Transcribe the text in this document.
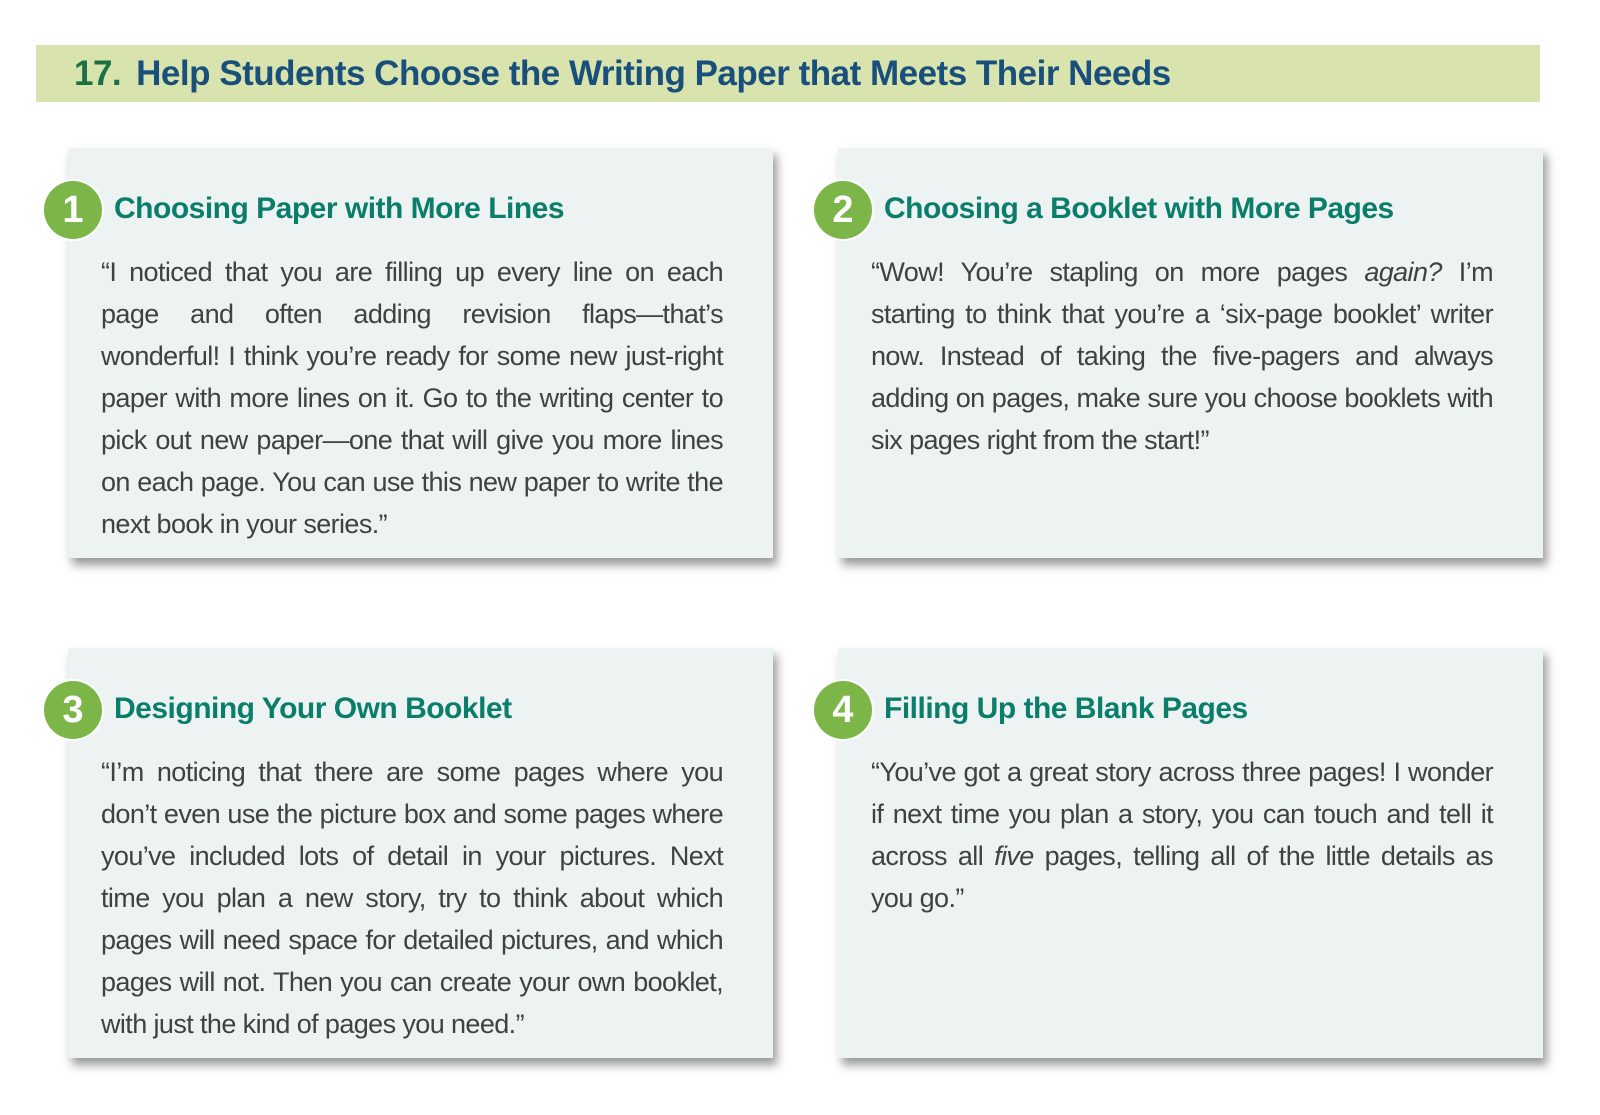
17. Help Students Choose the Writing Paper that Meets Their Needs
1	Choosing Paper with More Lines

“I noticed that you are filling up every line on each page and often adding revision flaps—that’s wonderful! I think you’re ready for some new just-right paper with more lines on it. Go to the writing center to pick out new paper—one that will give you more lines on each page. You can use this new paper to write the next book in your series.”

2	Choosing a Booklet with More Pages

“Wow! You’re stapling on more pages again? I’m starting to think that you’re a ‘six-page booklet’ writer now. Instead of taking the five-pagers and always adding on pages, make sure you choose booklets with six pages right from the start!”

3	Designing Your Own Booklet

“I’m noticing that there are some pages where you don’t even use the picture box and some pages where you’ve included lots of detail in your pictures. Next time you plan a new story, try to think about which pages will need space for detailed pictures, and which pages will not. Then you can create your own booklet, with just the kind of pages you need.”

4	Filling Up the Blank Pages

“You’ve got a great story across three pages! I wonder if next time you plan a story, you can touch and tell it across all five pages, telling all of the little details as you go.”
